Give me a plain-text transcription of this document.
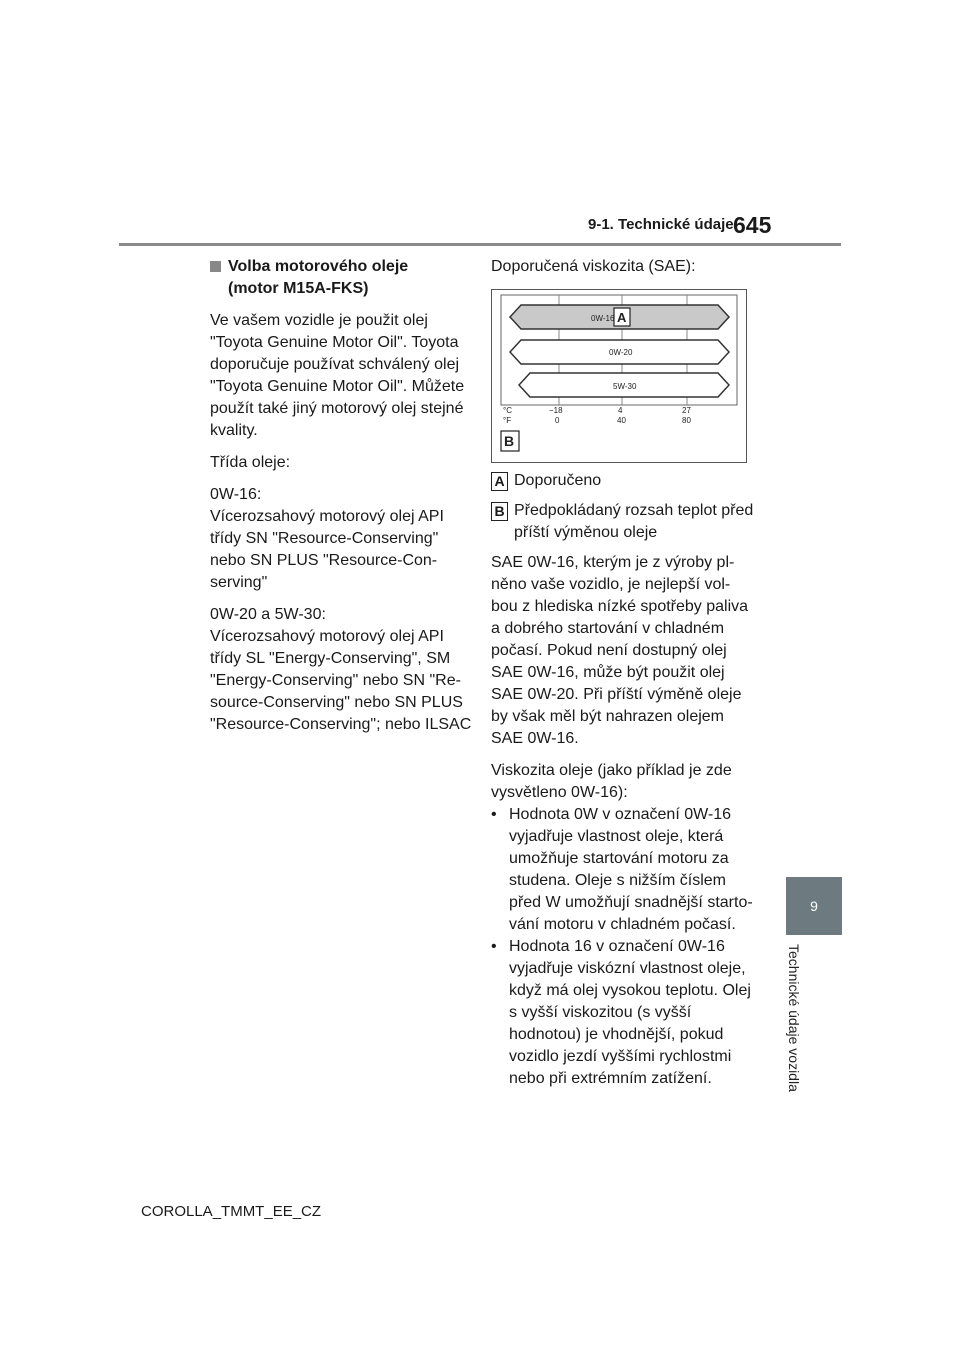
9-1. Technické údaje 645
9
Technické údaje vozidla
Volba motorového oleje
(motor M15A-FKS)

Ve vašem vozidle je použit olej "Toyota Genuine Motor Oil". Toyota doporučuje používat schválený olej "Toyota Genuine Motor Oil". Můžete použít také jiný motorový olej stejné kvality.

Třída oleje:

0W-16:
Vícerozsahový motorový olej API třídy SN "Resource-Conserving" nebo SN PLUS "Resource-Con-serving"

0W-20 a 5W-30:
Vícerozsahový motorový olej API třídy SL "Energy-Conserving", SM "Energy-Conserving" nebo SN "Re-source-Conserving" nebo SN PLUS "Resource-Conserving"; nebo ILSAC

Doporučená viskozita (SAE):

0W-16 A
0W-20
5W-30
°C
°F
−18	4	27
0	40	80
B
A Doporučeno
B Předpokládaný rozsah teplot před příští výměnou oleje

SAE 0W-16, kterým je z výroby pl-něno vaše vozidlo, je nejlepší vol-bou z hlediska nízké spotřeby paliva a dobrého startování v chladném počasí. Pokud není dostupný olej SAE 0W-16, může být použit olej SAE 0W-20. Při příští výměně oleje by však měl být nahrazen olejem SAE 0W-16.

Viskozita oleje (jako příklad je zde vysvětleno 0W-16):

• Hodnota 0W v označení 0W-16 vyjadřuje vlastnost oleje, která umožňuje startování motoru za studena. Oleje s nižším číslem před W umožňují snadnější starto-vání motoru v chladném počasí.
• Hodnota 16 v označení 0W-16 vyjadřuje viskózní vlastnost oleje, když má olej vysokou teplotu. Olej s vyšší viskozitou (s vyšší hodnotou) je vhodnější, pokud vozidlo jezdí vyššími rychlostmi nebo při extrémním zatížení.
COROLLA_TMMT_EE_CZ
